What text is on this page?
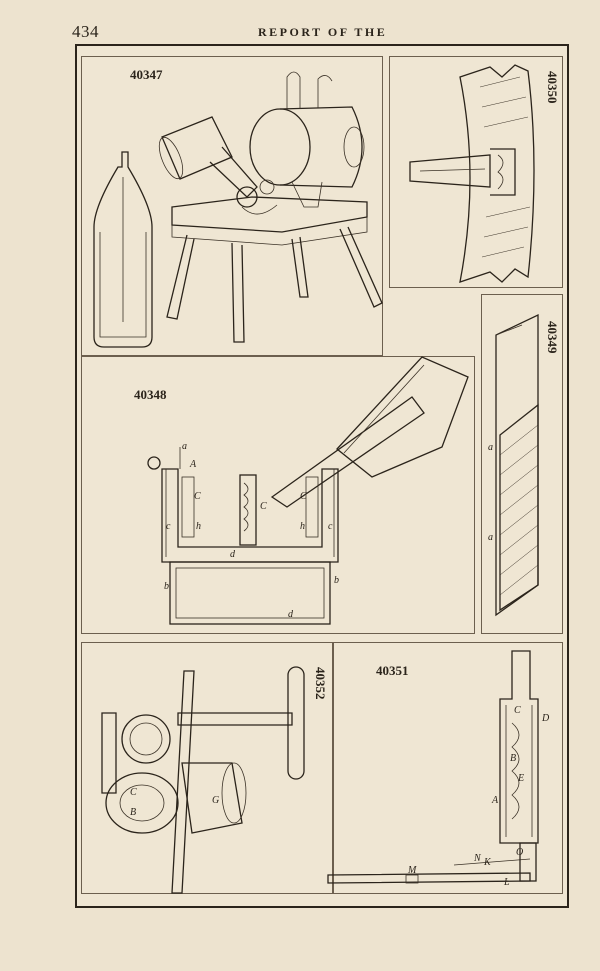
434	REPORT OF THE
40347	40350
40349
a
a
40348
a
A
C
C
C
h	h
c	c
d
d
b
b
40352
C
B
G
40351
C
D
B
E
A
K
N
O
M
L
